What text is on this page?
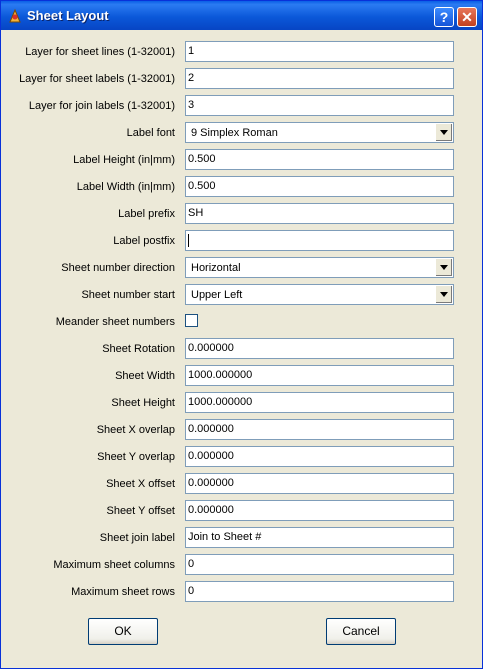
Sheet Layout	? ✕
Layer for sheet lines (1-32001) 1
Layer for sheet labels (1-32001) 2
Layer for join labels (1-32001) 3
Label font 9 Simplex Roman
Label Height (in|mm) 0.500
Label Width (in|mm) 0.500
Label prefix SH
Label postfix
Sheet number direction Horizontal
Sheet number start Upper Left
Meander sheet numbers
Sheet Rotation 0.000000
Sheet Width 1000.000000
Sheet Height 1000.000000
Sheet X overlap 0.000000
Sheet Y overlap 0.000000
Sheet X offset 0.000000
Sheet Y offset 0.000000
Sheet join label Join to Sheet #
Maximum sheet columns 0
Maximum sheet rows 0
OK	Cancel
